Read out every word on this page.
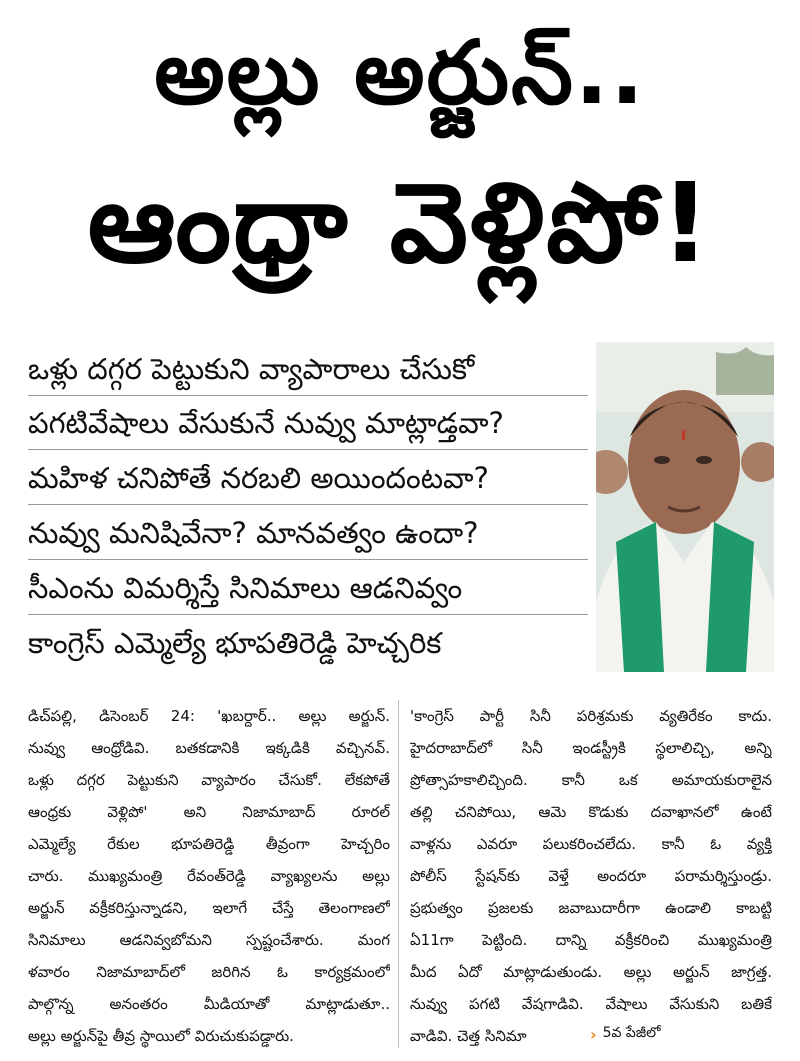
అల్లు అర్జున్..
ఆంధ్రా వెళ్లిపో!
ఒళ్లు దగ్గర పెట్టుకుని వ్యాపారాలు చేసుకో
పగటివేషాలు వేసుకునే నువ్వు మాట్లాడ్తవా?
మహిళ చనిపోతే నరబలి అయిందంటవా?
నువ్వు మనిషివేనా? మానవత్వం ఉందా?
సీఎంను విమర్శిస్తే సినిమాలు ఆడనివ్వం
కాంగ్రెస్ ఎమ్మెల్యే భూపతిరెడ్డి హెచ్చరిక
డిచ్‌పల్లి, డిసెంబర్ 24: 'ఖబర్దార్.. అల్లు అర్జున్.
నువ్వు ఆంధ్రోడివి. బతకడానికి ఇక్కడికి వచ్చినవ్.
ఒళ్లు దగ్గర పెట్టుకుని వ్యాపారం చేసుకో. లేకపోతే
ఆంధ్రకు వెళ్లిపో' అని నిజామాబాద్ రూరల్
ఎమ్మెల్యే రేకుల భూపతిరెడ్డి తీవ్రంగా హెచ్చరిం
చారు. ముఖ్యమంత్రి రేవంత్‌రెడ్డి వ్యాఖ్యలను అల్లు
అర్జున్ వక్రీకరిస్తున్నాడని, ఇలాగే చేస్తే తెలంగాణలో
సినిమాలు ఆడనివ్వబోమని స్పష్టంచేశారు. మంగ
ళవారం నిజామాబాద్‌లో జరిగిన ఓ కార్యక్రమంలో
పాల్గొన్న అనంతరం మీడియాతో మాట్లాడుతూ..
అల్లు అర్జున్‌పై తీవ్ర స్థాయిలో విరుచుకుపడ్డారు.
'కాంగ్రెస్ పార్టీ సినీ పరిశ్రమకు వ్యతిరేకం కాదు.
హైదరాబాద్‌లో సినీ ఇండస్ట్రీకి స్థలాలిచ్చి, అన్ని
ప్రోత్సాహకాలిచ్చింది. కానీ ఒక అమాయకురాలైన
తల్లి చనిపోయి, ఆమె కొడుకు దవాఖానలో ఉంటే
వాళ్లను ఎవరూ పలుకరించలేదు. కానీ ఓ వ్యక్తి
పోలీస్ స్టేషన్‌కు వెళ్తే అందరూ పరామర్శిస్తుండ్రు.
ప్రభుత్వం ప్రజలకు జవాబుదారీగా ఉండాలి కాబట్టి
ఏ11గా పెట్టింది. దాన్ని వక్రీకరించి ముఖ్యమంత్రి
మీద ఏదో మాట్లాడుతుండు. అల్లు అర్జున్ జాగ్రత్త.
నువ్వు పగటి వేషగాడివి. వేషాలు వేసుకుని బతికే
వాడివి. చెత్త సినిమా	› 5వ పేజీలో
